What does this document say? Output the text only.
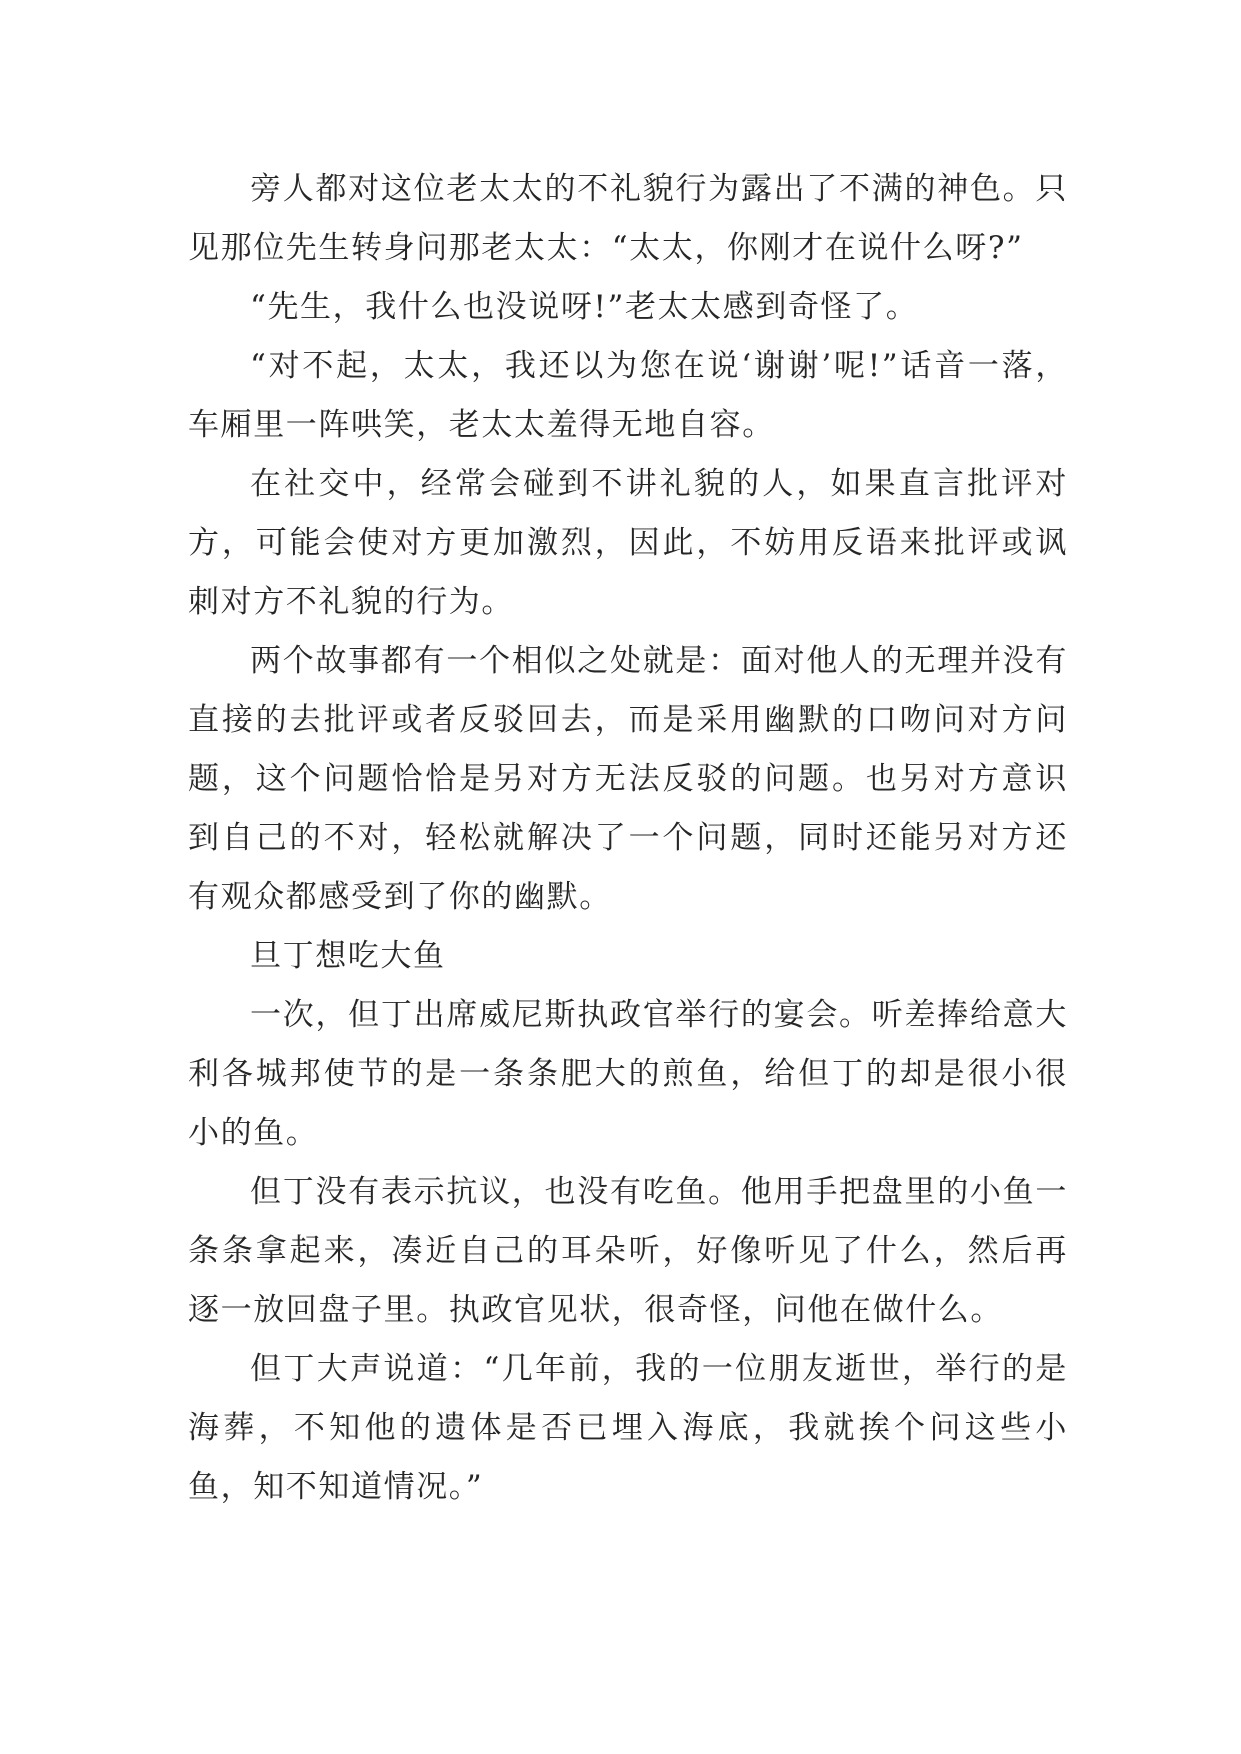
旁人都对这位老太太的不礼貌行为露出了不满的神色。只见那位先生转身问那老太太：“太太，你刚才在说什么呀?”

“先生，我什么也没说呀!”老太太感到奇怪了。

“对不起，太太，我还以为您在说‘谢谢’呢!”话音一落，车厢里一阵哄笑，老太太羞得无地自容。

在社交中，经常会碰到不讲礼貌的人，如果直言批评对方，可能会使对方更加激烈，因此，不妨用反语来批评或讽刺对方不礼貌的行为。

两个故事都有一个相似之处就是：面对他人的无理并没有直接的去批评或者反驳回去，而是采用幽默的口吻问对方问题，这个问题恰恰是另对方无法反驳的问题。也另对方意识到自己的不对，轻松就解决了一个问题，同时还能另对方还有观众都感受到了你的幽默。

旦丁想吃大鱼

一次，但丁出席威尼斯执政官举行的宴会。听差捧给意大利各城邦使节的是一条条肥大的煎鱼，给但丁的却是很小很小的鱼。

但丁没有表示抗议，也没有吃鱼。他用手把盘里的小鱼一条条拿起来，凑近自己的耳朵听，好像听见了什么，然后再逐一放回盘子里。执政官见状，很奇怪，问他在做什么。

但丁大声说道：“几年前，我的一位朋友逝世，举行的是海葬，不知他的遗体是否已埋入海底，我就挨个问这些小鱼，知不知道情况。”
